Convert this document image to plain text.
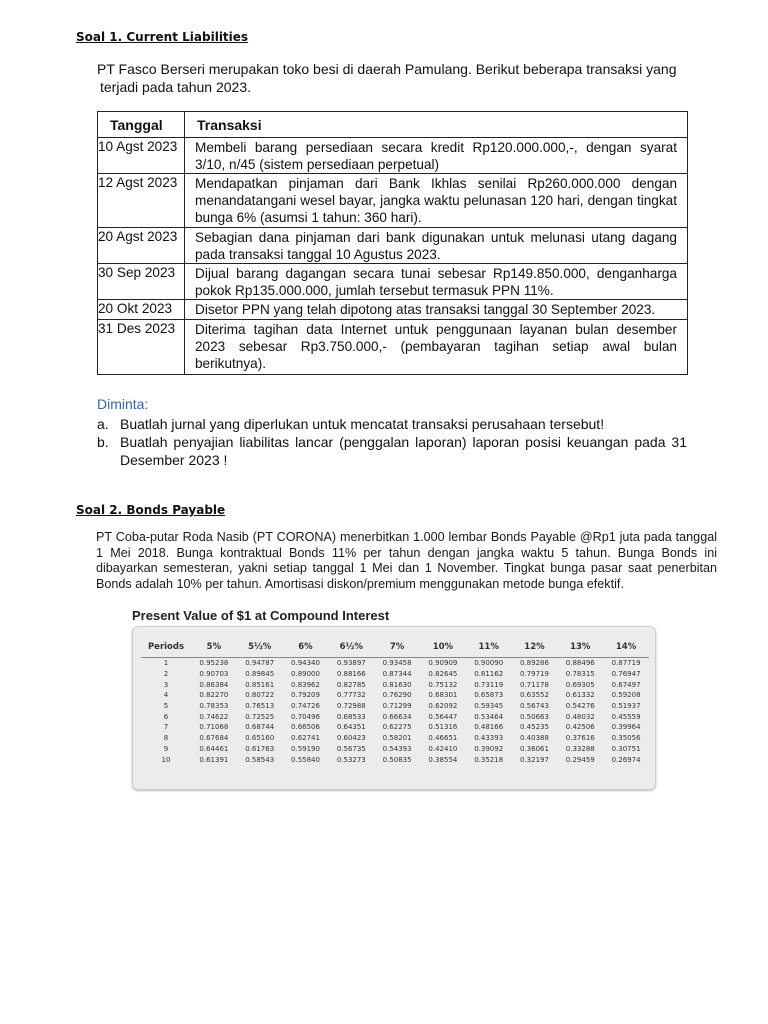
Soal 1. Current Liabilities
PT Fasco Berseri merupakan toko besi di daerah Pamulang. Berikut beberapa transaksi yang
terjadi pada tahun 2023.
Tanggal	Transaksi
10 Agst 2023	Membeli barang persediaan secara kredit Rp120.000.000,-, dengan syarat 3/10, n/45 (sistem persediaan perpetual)
12 Agst 2023	Mendapatkan pinjaman dari Bank Ikhlas senilai Rp260.000.000 dengan menandatangani wesel bayar, jangka waktu pelunasan 120 hari, dengan tingkat bunga 6% (asumsi 1 tahun: 360 hari).
20 Agst 2023	Sebagian dana pinjaman dari bank digunakan untuk melunasi utang dagang pada transaksi tanggal 10 Agustus 2023.
30 Sep 2023	Dijual barang dagangan secara tunai sebesar Rp149.850.000, denganharga pokok Rp135.000.000, jumlah tersebut termasuk PPN 11%.
20 Okt 2023	Disetor PPN yang telah dipotong atas transaksi tanggal 30 September 2023.
31 Des 2023	Diterima tagihan data Internet untuk penggunaan layanan bulan desember 2023 sebesar Rp3.750.000,- (pembayaran tagihan setiap awal bulan berikutnya).
Diminta:
a. Buatlah jurnal yang diperlukan untuk mencatat transaksi perusahaan tersebut!
b. Buatlah penyajian liabilitas lancar (penggalan laporan) laporan posisi keuangan pada 31 Desember 2023 !
Soal 2. Bonds Payable
PT Coba-putar Roda Nasib (PT CORONA) menerbitkan 1.000 lembar Bonds Payable @Rp1 juta pada tanggal 1 Mei 2018. Bunga kontraktual Bonds 11% per tahun dengan jangka waktu 5 tahun. Bunga Bonds ini dibayarkan semesteran, yakni setiap tanggal 1 Mei dan 1 November. Tingkat bunga pasar saat penerbitan Bonds adalah 10% per tahun. Amortisasi diskon/premium menggunakan metode bunga efektif.
Present Value of $1 at Compound Interest
Periods	5%	5½%	6%	6½%	7%	10%	11%	12%	13%	14%
1	0.95238	0.94787	0.94340	0.93897	0.93458	0.90909	0.90090	0.89286	0.88496	0.87719
2	0.90703	0.89845	0.89000	0.88166	0.87344	0.82645	0.81162	0.79719	0.78315	0.76947
3	0.86384	0.85161	0.83962	0.82785	0.81630	0.75132	0.73119	0.71178	0.69305	0.67497
4	0.82270	0.80722	0.79209	0.77732	0.76290	0.68301	0.65873	0.63552	0.61332	0.59208
5	0.78353	0.76513	0.74726	0.72988	0.71299	0.62092	0.59345	0.56743	0.54276	0.51937
6	0.74622	0.72525	0.70496	0.68533	0.66634	0.56447	0.53464	0.50663	0.48032	0.45559
7	0.71068	0.68744	0.66506	0.64351	0.62275	0.51316	0.48166	0.45235	0.42506	0.39964
8	0.67684	0.65160	0.62741	0.60423	0.58201	0.46651	0.43393	0.40388	0.37616	0.35056
9	0.64461	0.61763	0.59190	0.56735	0.54393	0.42410	0.39092	0.36061	0.33288	0.30751
10	0.61391	0.58543	0.55840	0.53273	0.50835	0.38554	0.35218	0.32197	0.29459	0.26974
